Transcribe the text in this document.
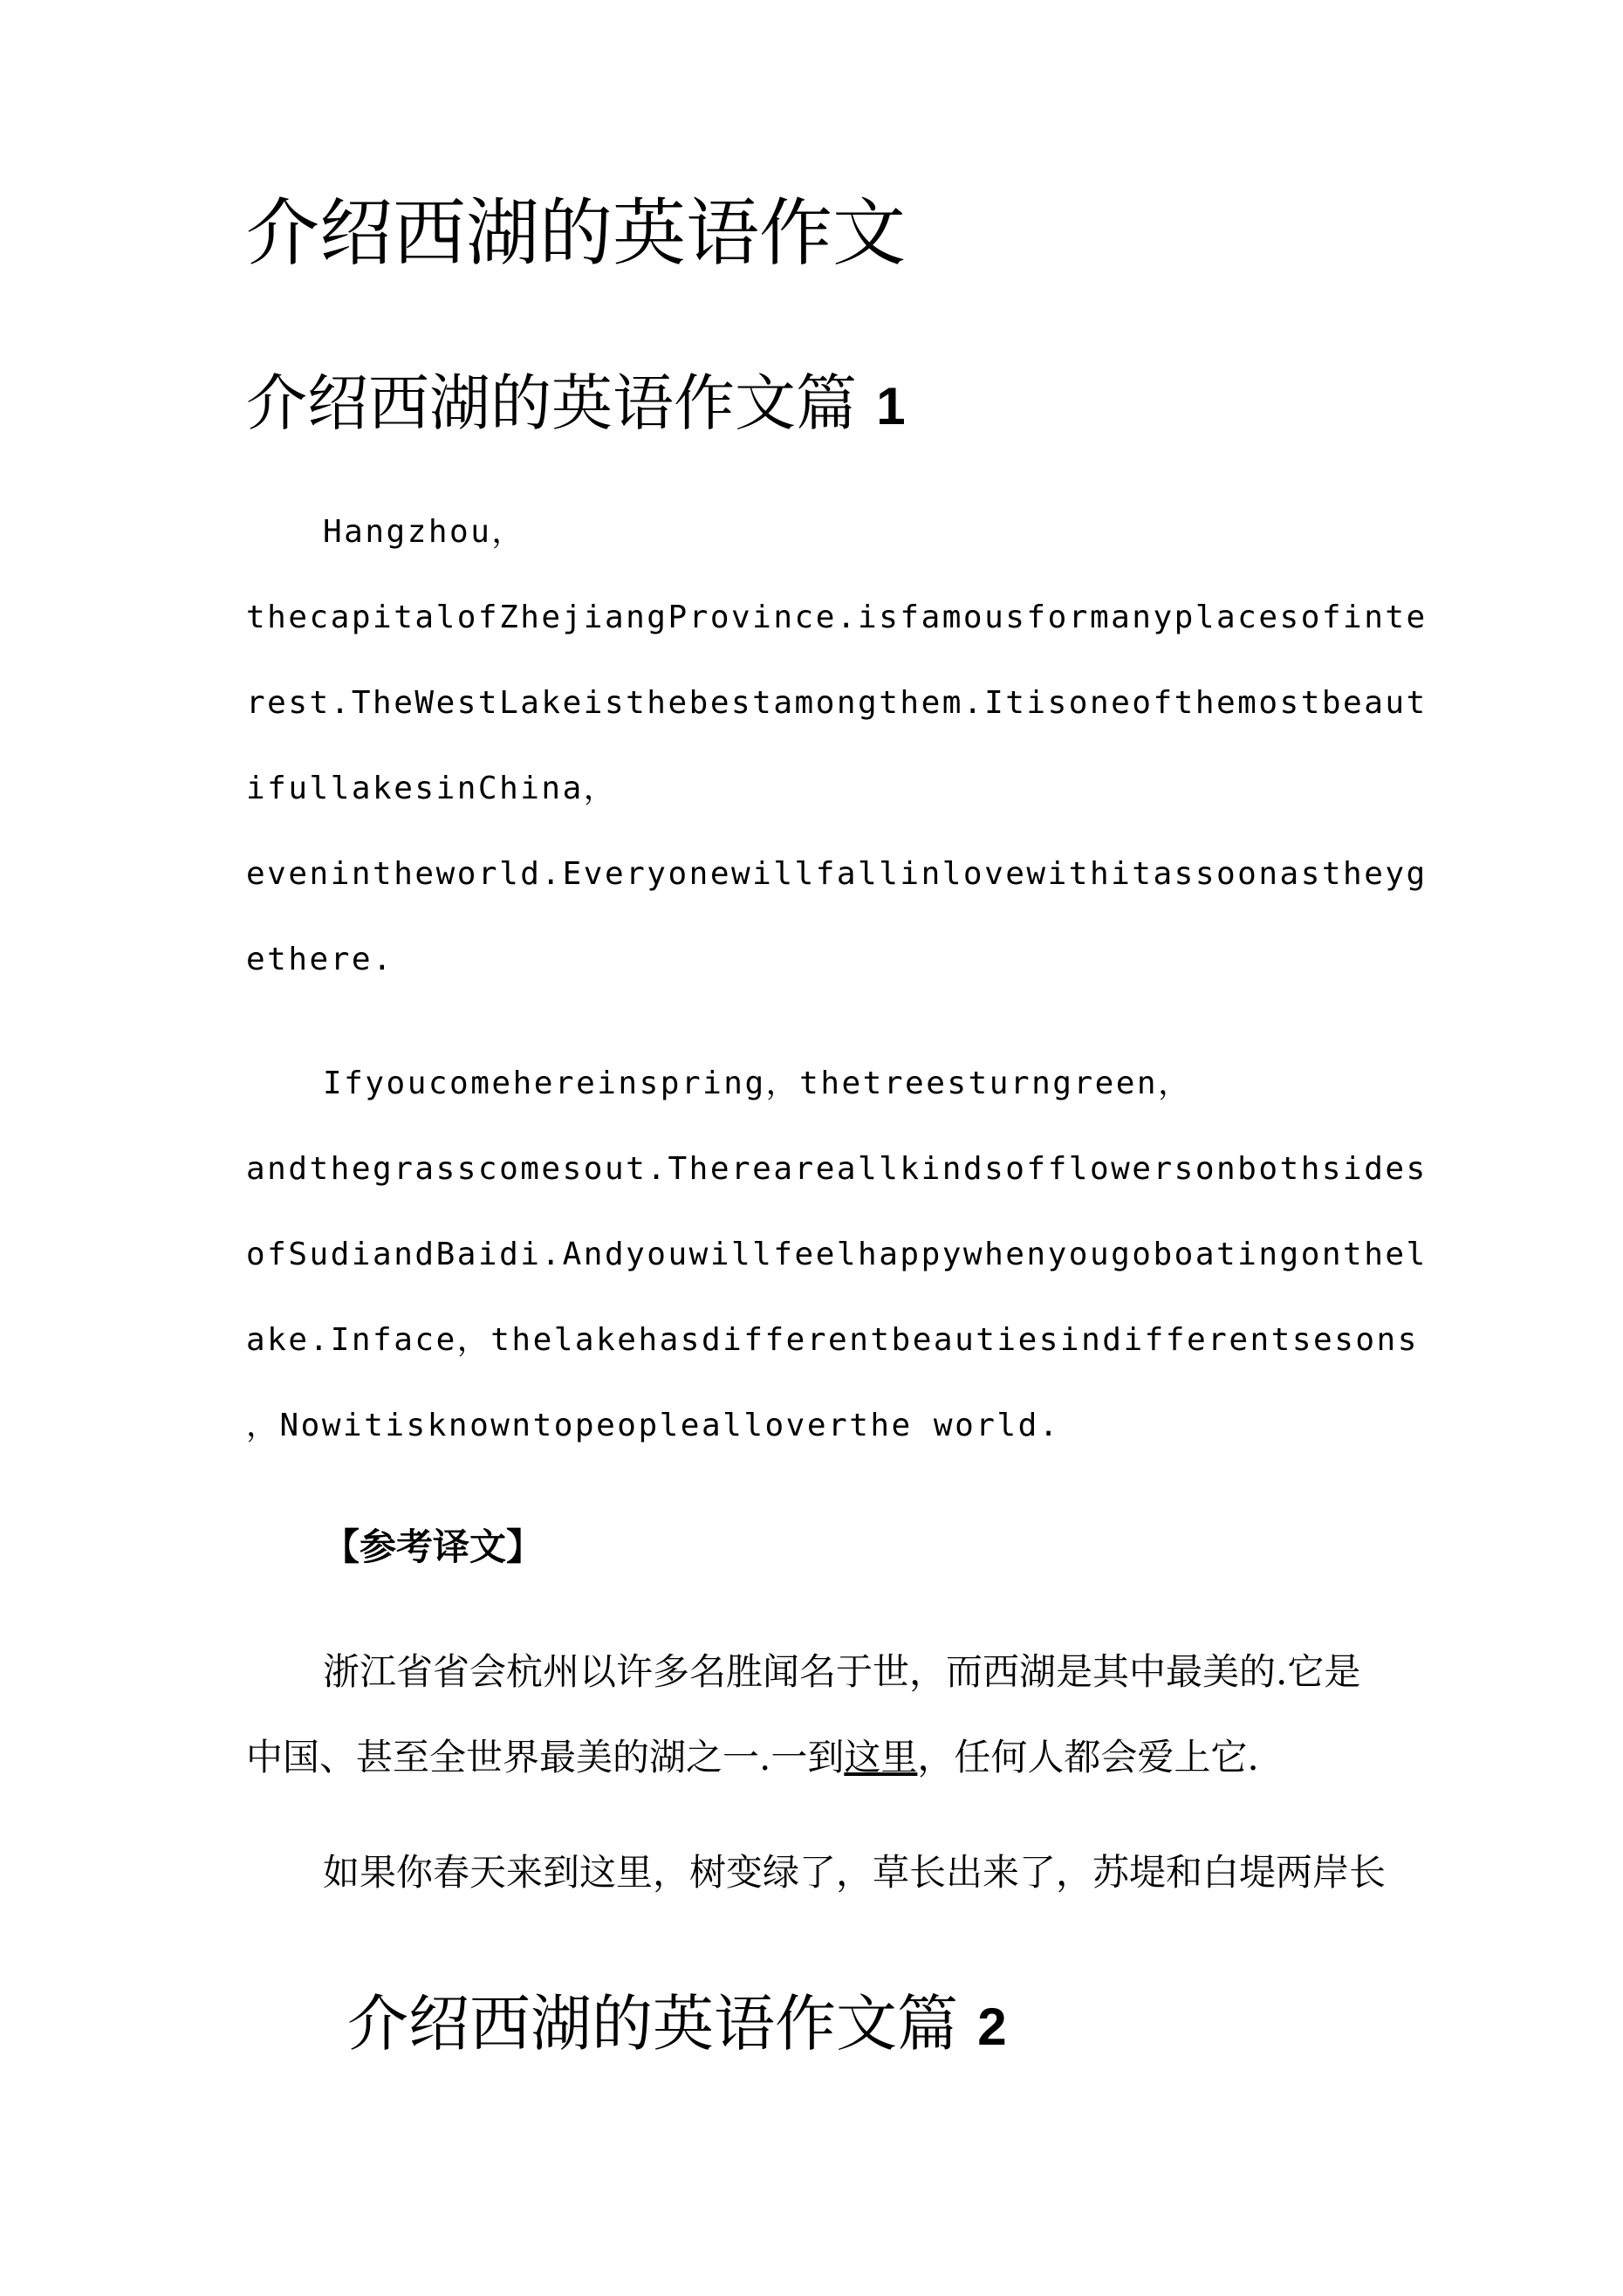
介绍西湖的英语作文
介绍西湖的英语作文篇 1

Hangzhou，

thecapitalofZhejiangProvince.isfamousformanyplacesofinte

rest.TheWestLakeisthebestamongthem.Itisoneofthemostbeaut

ifullakesinChina，

evenintheworld.Everyonewillfallinlovewithitassoonastheyg

ethere.

Ifyoucomehereinspring，thetreesturngreen，

andthegrasscomesout.Thereareallkindsofflowersonbothsides

ofSudiandBaidi.Andyouwillfeelhappywhenyougoboatingonthel

ake.Inface，thelakehasdifferentbeautiesindifferentsesons

，Nowitisknowntopeoplealloverthe world.

【参考译文】

浙江省省会杭州以许多名胜闻名于世，而西湖是其中最美的.它是

中国、甚至全世界最美的湖之一.一到这里，任何人都会爱上它.

如果你春天来到这里，树变绿了，草长出来了，苏堤和白堤两岸长

介绍西湖的英语作文篇 2
